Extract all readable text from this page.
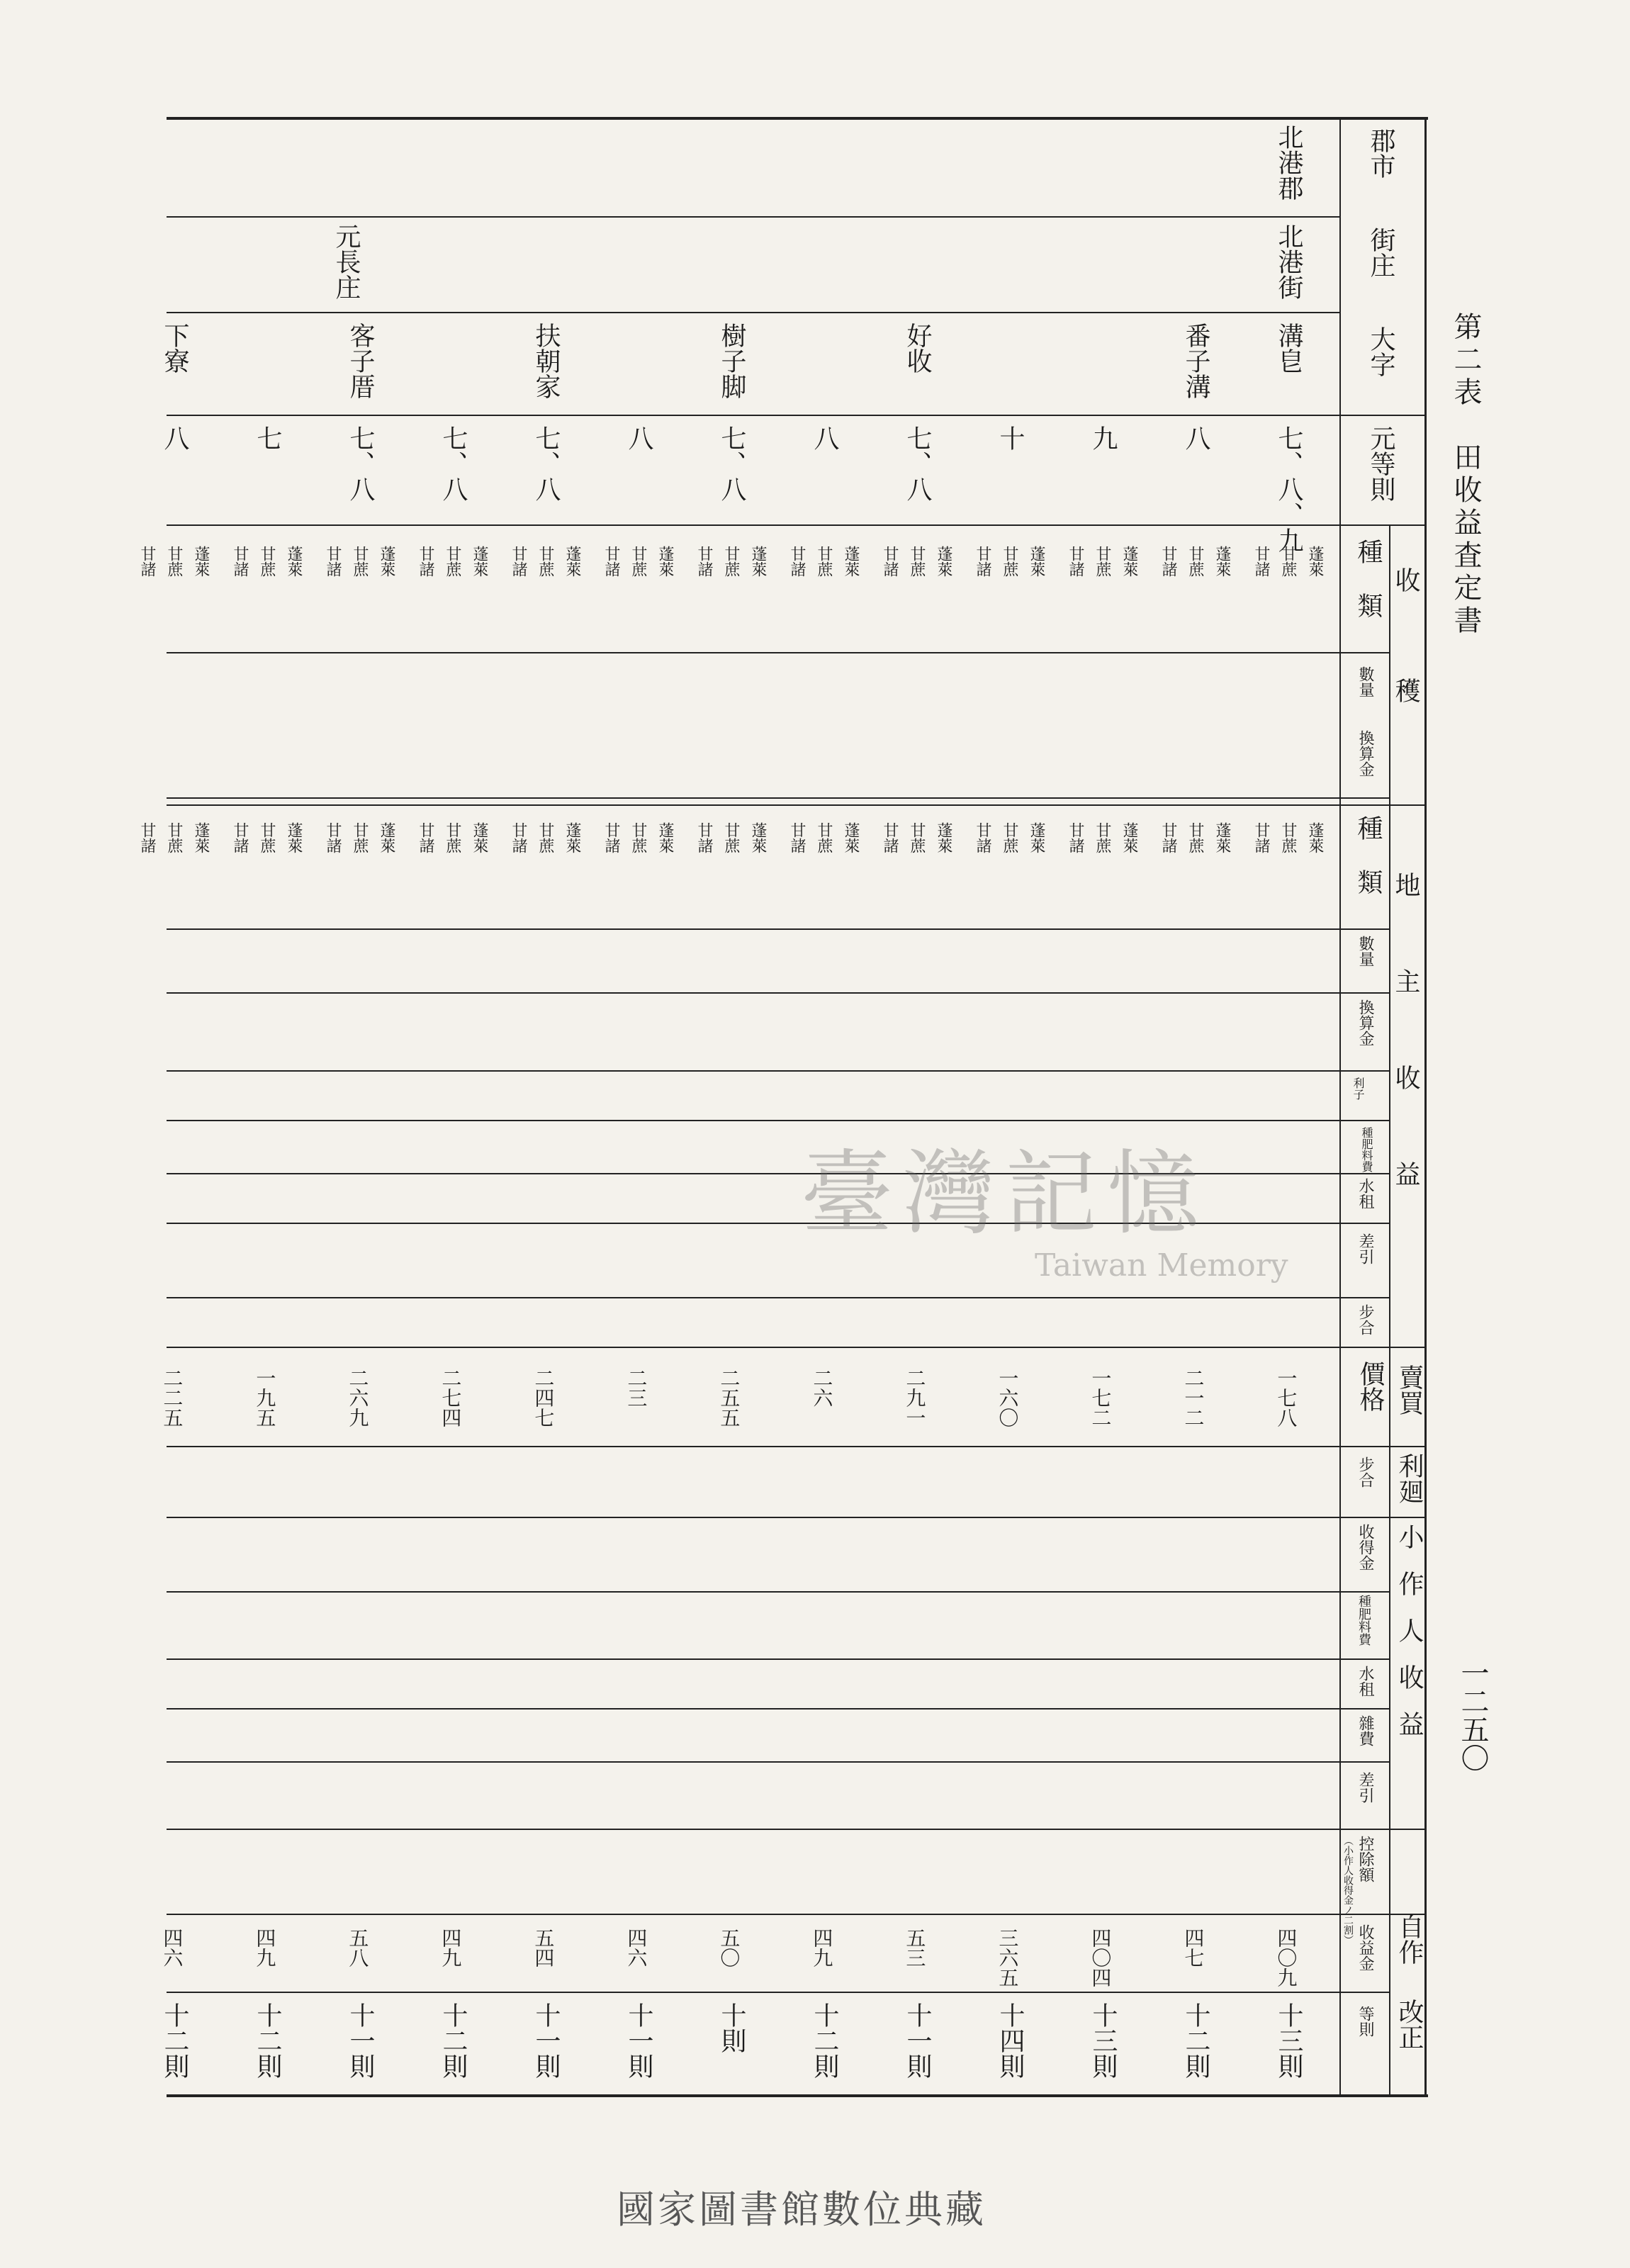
第二表　田收益査定書
一二五〇
郡市
街庄
大字
元等則
收穫
地主收益
賣買
利廻
小作人收益
自作
改正
種類
數量
換算金
種類
數量
換算金
利子
種肥料費
水租
差引
步合
價格
步合
收得金
種肥料費
水租
雜費
差引
控除額
（小作人收得金ノ二割）
收益金
等則
北港郡
北港街
元長庄
溝皀
七、八、九
一七八
四〇九
十三則
蓬萊
甘蔗
甘諸
蓬萊
甘蔗
甘諸
番子溝
八
二一二
四七
十二則
蓬萊
甘蔗
甘諸
蓬萊
甘蔗
甘諸
九
一七二
四〇四
十三則
蓬萊
甘蔗
甘諸
蓬萊
甘蔗
甘諸
十
一六〇
三六五
十四則
蓬萊
甘蔗
甘諸
蓬萊
甘蔗
甘諸
好收
七、八
二九一
五三
十一則
蓬萊
甘蔗
甘諸
蓬萊
甘蔗
甘諸
八
二六
四九
十二則
蓬萊
甘蔗
甘諸
蓬萊
甘蔗
甘諸
樹子脚
七、八
二五五
五〇
十則
蓬萊
甘蔗
甘諸
蓬萊
甘蔗
甘諸
八
二三
四六
十一則
蓬萊
甘蔗
甘諸
蓬萊
甘蔗
甘諸
扶朝家
七、八
二四七
五四
十一則
蓬萊
甘蔗
甘諸
蓬萊
甘蔗
甘諸
七、八
二七四
四九
十二則
蓬萊
甘蔗
甘諸
蓬萊
甘蔗
甘諸
客子厝
七、八
二六九
五八
十一則
蓬萊
甘蔗
甘諸
蓬萊
甘蔗
甘諸
七
一九五
四九
十二則
蓬萊
甘蔗
甘諸
蓬萊
甘蔗
甘諸
下寮
八
二二五
四六
十二則
蓬萊
甘蔗
甘諸
蓬萊
甘蔗
甘諸
臺灣記憶
Taiwan Memory
國家圖書館數位典藏
